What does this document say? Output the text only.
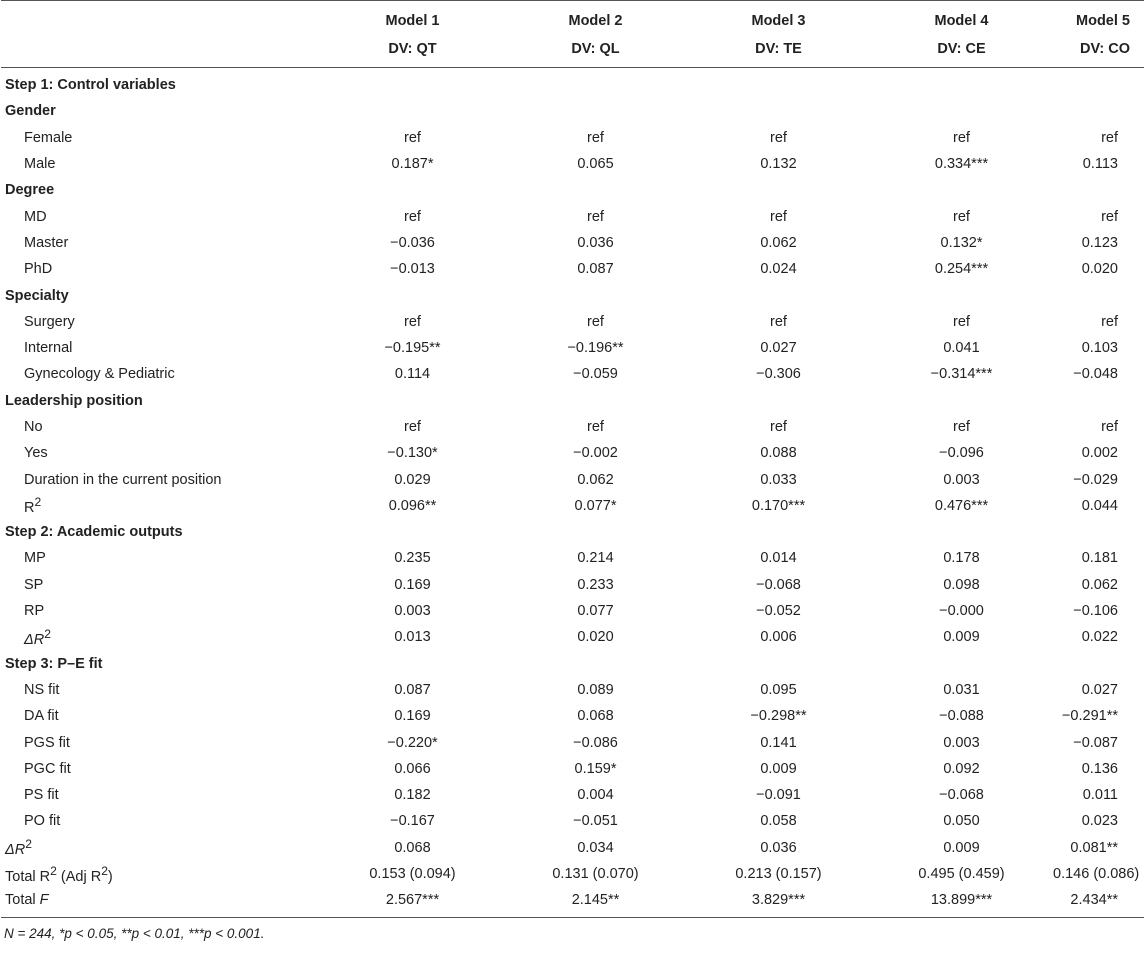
	Model 1	Model 2	Model 3	Model 4	Model 5
	DV: QT	DV: QL	DV: TE	DV: CE	DV: CO
Step 1: Control variables					
Gender					
Female	ref	ref	ref	ref	ref
Male	0.187*	0.065	0.132	0.334***	0.113
Degree					
MD	ref	ref	ref	ref	ref
Master	−0.036	0.036	0.062	0.132*	0.123
PhD	−0.013	0.087	0.024	0.254***	0.020
Specialty					
Surgery	ref	ref	ref	ref	ref
Internal	−0.195**	−0.196**	0.027	0.041	0.103
Gynecology & Pediatric	0.114	−0.059	−0.306	−0.314***	−0.048
Leadership position					
No	ref	ref	ref	ref	ref
Yes	−0.130*	−0.002	0.088	−0.096	0.002
Duration in the current position	0.029	0.062	0.033	0.003	−0.029
$R^2$	0.096**	0.077*	0.170***	0.476***	0.044
Step 2: Academic outputs					
MP	0.235	0.214	0.014	0.178	0.181
SP	0.169	0.233	−0.068	0.098	0.062
RP	0.003	0.077	−0.052	−0.000	−0.106
$\Delta R^2$	0.013	0.020	0.006	0.009	0.022
Step 3: P–E fit					
NS fit	0.087	0.089	0.095	0.031	0.027
DA fit	0.169	0.068	−0.298**	−0.088	−0.291**
PGS fit	−0.220*	−0.086	0.141	0.003	−0.087
PGC fit	0.066	0.159*	0.009	0.092	0.136
PS fit	0.182	0.004	−0.091	−0.068	0.011
PO fit	−0.167	−0.051	0.058	0.050	0.023
$\Delta R^2$	0.068	0.034	0.036	0.009	0.081**
Total $R^2$ (Adj $R^2$)	0.153 (0.094)	0.131 (0.070)	0.213 (0.157)	0.495 (0.459)	0.146 (0.086)
Total F	2.567***	2.145**	3.829***	13.899***	2.434**
N = 244, *p < 0.05, **p < 0.01, ***p < 0.001.
